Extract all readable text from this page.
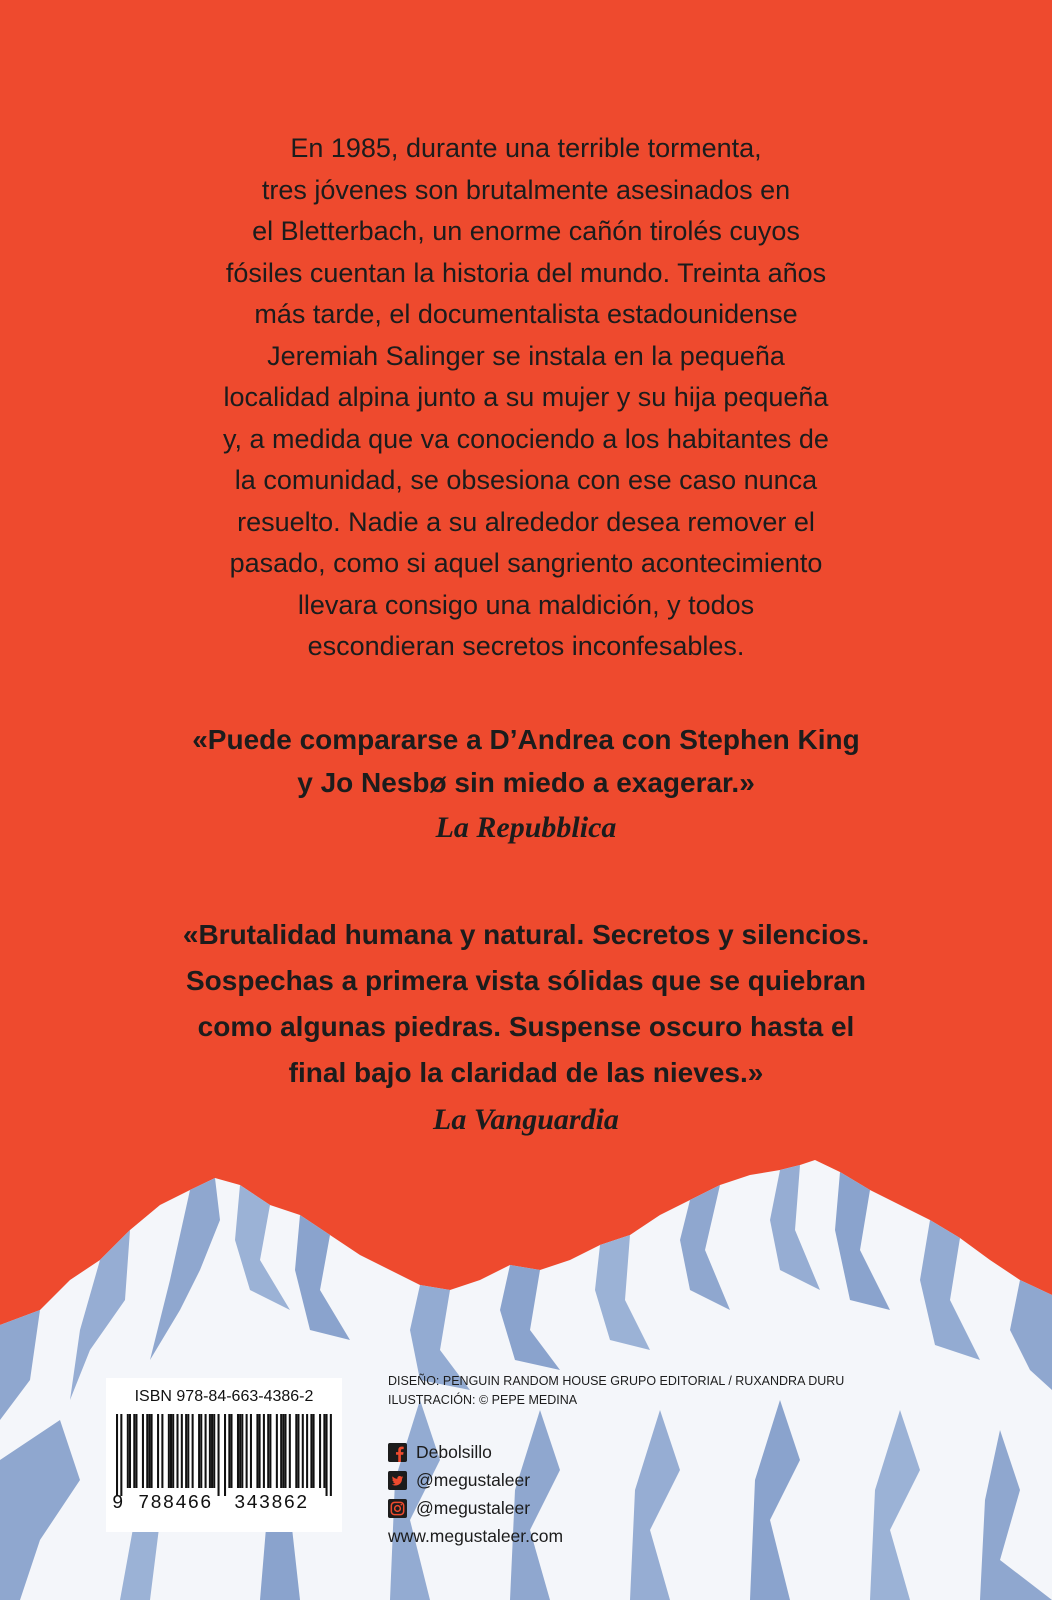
En 1985, durante una terrible tormenta,
tres jóvenes son brutalmente asesinados en
el Bletterbach, un enorme cañón tirolés cuyos
fósiles cuentan la historia del mundo. Treinta años
más tarde, el documentalista estadounidense
Jeremiah Salinger se instala en la pequeña
localidad alpina junto a su mujer y su hija pequeña
y, a medida que va conociendo a los habitantes de
la comunidad, se obsesiona con ese caso nunca
resuelto. Nadie a su alrededor desea remover el
pasado, como si aquel sangriento acontecimiento
llevara consigo una maldición, y todos
escondieran secretos inconfesables.
«Puede compararse a D’Andrea con Stephen King
y Jo Nesbø sin miedo a exagerar.»
La Repubblica
«Brutalidad humana y natural. Secretos y silencios.
Sospechas a primera vista sólidas que se quiebran
como algunas piedras. Suspense oscuro hasta el
final bajo la claridad de las nieves.»
La Vanguardia
ISBN 978-84-663-4386-2
9 788466 343862
DISEÑO: PENGUIN RANDOM HOUSE GRUPO EDITORIAL / RUXANDRA DURU
ILUSTRACIÓN: © PEPE MEDINA
Debolsillo
@megustaleer
@megustaleer
www.megustaleer.com
